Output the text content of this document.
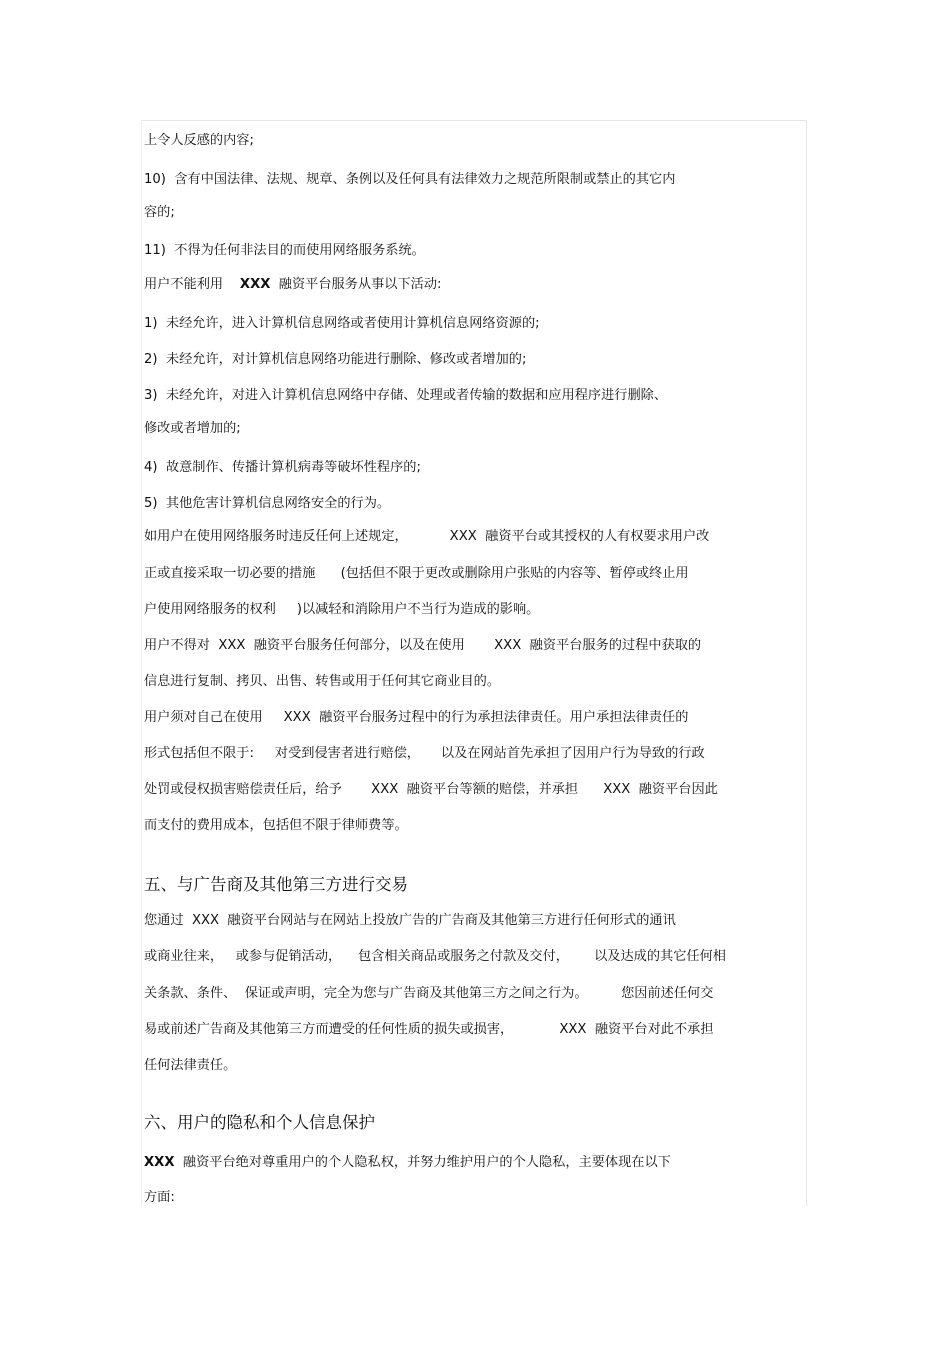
上令人反感的内容;

10)  含有中国法律、法规、规章、条例以及任何具有法律效力之规范所限制或禁止的其它内

容的;

11)  不得为任何非法目的而使用网络服务系统。

用户不能利用    XXX  融资平台服务从事以下活动:

1)  未经允许，进入计算机信息网络或者使用计算机信息网络资源的;

2)  未经允许，对计算机信息网络功能进行删除、修改或者增加的;

3)  未经允许，对进入计算机信息网络中存储、处理或者传输的数据和应用程序进行删除、

修改或者增加的;

4)  故意制作、传播计算机病毒等破坏性程序的;

5)  其他危害计算机信息网络安全的行为。

如用户在使用网络服务时违反任何上述规定，          XXX  融资平台或其授权的人有权要求用户改

正或直接采取一切必要的措施      (包括但不限于更改或删除用户张贴的内容等、暂停或终止用

户使用网络服务的权利     )以减轻和消除用户不当行为造成的影响。

用户不得对  XXX  融资平台服务任何部分，以及在使用       XXX  融资平台服务的过程中获取的

信息进行复制、拷贝、出售、转售或用于任何其它商业目的。

用户须对自己在使用     XXX  融资平台服务过程中的行为承担法律责任。用户承担法律责任的

形式包括但不限于:     对受到侵害者进行赔偿，     以及在网站首先承担了因用户行为导致的行政

处罚或侵权损害赔偿责任后，给予       XXX  融资平台等额的赔偿，并承担      XXX  融资平台因此

而支付的费用成本，包括但不限于律师费等。

五、与广告商及其他第三方进行交易

您通过  XXX  融资平台网站与在网站上投放广告的广告商及其他第三方进行任何形式的通讯

或商业往来，   或参与促销活动，    包含相关商品或服务之付款及交付，      以及达成的其它任何相

关条款、条件、  保证或声明，完全为您与广告商及其他第三方之间之行为。        您因前述任何交

易或前述广告商及其他第三方而遭受的任何性质的损失或损害，           XXX  融资平台对此不承担

任何法律责任。

六、用户的隐私和个人信息保护

XXX 融资平台绝对尊重用户的个人隐私权，并努力维护用户的个人隐私，主要体现在以下

方面:
